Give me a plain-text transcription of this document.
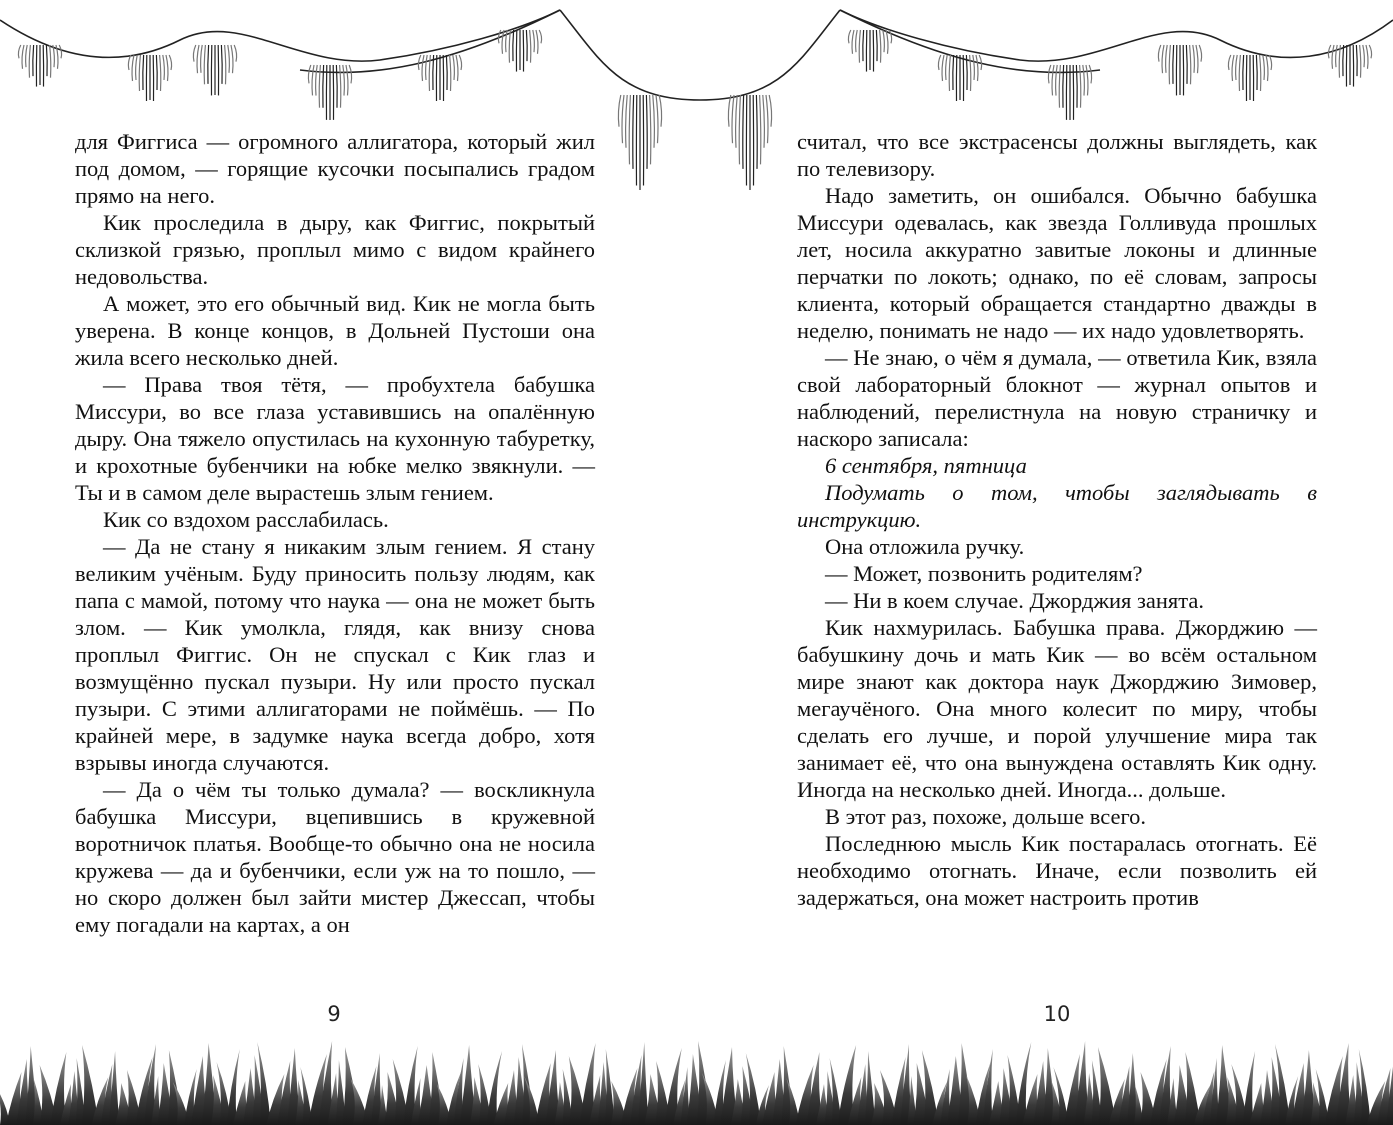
для Фиггиса — огромного аллигатора, который жил под домом, — горящие кусочки посыпались градом прямо на него.

Кик проследила в дыру, как Фиггис, покрытый склизкой грязью, проплыл мимо с видом крайнего недовольства.

А может, это его обычный вид. Кик не могла быть уверена. В конце концов, в Дольней Пустоши она жила всего несколько дней.

— Права твоя тётя, — пробухтела бабушка Миссури, во все глаза уставившись на опалённую дыру. Она тяжело опустилась на кухонную табуретку, и крохотные бубенчики на юбке мелко звякнули. — Ты и в самом деле вырастешь злым гением.

Кик со вздохом расслабилась.

— Да не стану я никаким злым гением. Я стану великим учёным. Буду приносить пользу людям, как папа с мамой, потому что наука — она не может быть злом. — Кик умолкла, глядя, как внизу снова проплыл Фиггис. Он не спускал с Кик глаз и возмущённо пускал пузыри. Ну или просто пускал пузыри. С этими аллигаторами не поймёшь. — По крайней мере, в задумке наука всегда добро, хотя взрывы иногда случаются.

— Да о чём ты только думала? — воскликнула бабушка Миссури, вцепившись в кружевной воротничок платья. Вообще-то обычно она не носила кружева — да и бубенчики, если уж на то пошло, — но скоро должен был зайти мистер Джессап, чтобы ему погадали на картах, а он

9

считал, что все экстрасенсы должны выглядеть, как по телевизору.

Надо заметить, он ошибался. Обычно бабушка Миссури одевалась, как звезда Голливуда прошлых лет, носила аккуратно завитые локоны и длинные перчатки по локоть; однако, по её словам, запросы клиента, который обращается стандартно дважды в неделю, понимать не надо — их надо удовлетворять.

— Не знаю, о чём я думала, — ответила Кик, взяла свой лабораторный блокнот — журнал опытов и наблюдений, перелистнула на новую страничку и наскоро записала:

6 сентября, пятница

Подумать о том, чтобы заглядывать в инструкцию.

Она отложила ручку.

— Может, позвонить родителям?

— Ни в коем случае. Джорджия занята.

Кик нахмурилась. Бабушка права. Джорджию — бабушкину дочь и мать Кик — во всём остальном мире знают как доктора наук Джорджию Зимовер, мегаучёного. Она много колесит по миру, чтобы сделать его лучше, и порой улучшение мира так занимает её, что она вынуждена оставлять Кик одну. Иногда на несколько дней. Иногда... дольше.

В этот раз, похоже, дольше всего.

Последнюю мысль Кик постаралась отогнать. Её необходимо отогнать. Иначе, если позволить ей задержаться, она может настроить против

10
